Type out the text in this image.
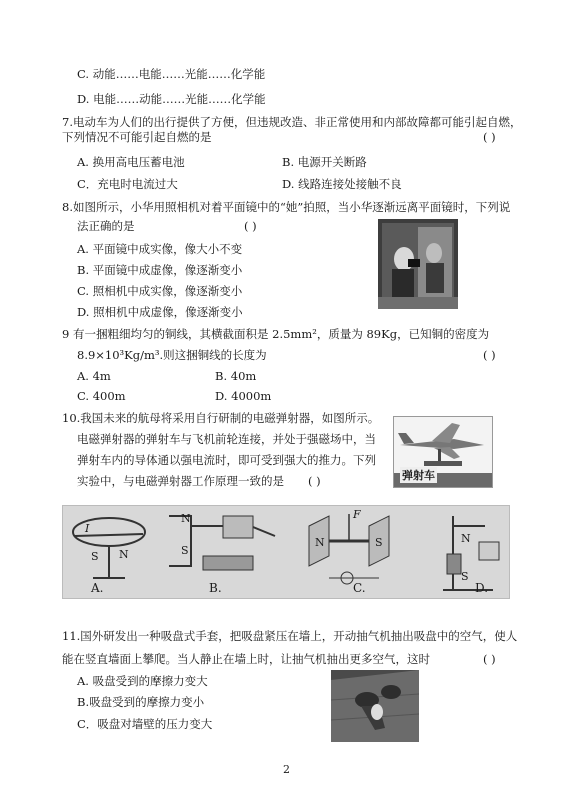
C. 动能……电能……光能……化学能
D. 电能……动能……光能……化学能
7.电动车为人们的出行提供了方便，但违规改造、非正常使用和内部故障都可能引起自燃，
下列情况不可能引起自燃的是	( )
A. 换用高电压蓄电池	B. 电源开关断路
C．充电时电流过大	D. 线路连接处接触不良
8.如图所示，小华用照相机对着平面镜中的“她”拍照，当小华逐渐远离平面镜时，下列说
法正确的是	( )
A. 平面镜中成实像，像大小不变
B. 平面镜中成虚像，像逐渐变小
C. 照相机中成实像，像逐渐变小
D. 照相机中成虚像，像逐渐变小
9 有一捆粗细均匀的铜线，其横截面积是 2.5mm²，质量为 89Kg，已知铜的密度为
8.9×10³Kg/m³.则这捆铜线的长度为	( )
A. 4m	B. 40m
C. 400m	D. 4000m
10.我国未来的航母将采用自行研制的电磁弹射器，如图所示。
电磁弹射器的弹射车与飞机前轮连接，并处于强磁场中，当
弹射车内的导体通以强电流时，即可受到强大的推力。下列
实验中，与电磁弹射器工作原理一致的是 ( )	弹射车
I
S N
A.
N
S
B.
F
N	S
C.
N
S
D.
11.国外研发出一种吸盘式手套，把吸盘紧压在墙上，开动抽气机抽出吸盘中的空气，使人
能在竖直墙面上攀爬。当人静止在墙上时，让抽气机抽出更多空气，这时	( )
A. 吸盘受到的摩擦力变大
B.吸盘受到的摩擦力变小
C．吸盘对墙壁的压力变大
2
